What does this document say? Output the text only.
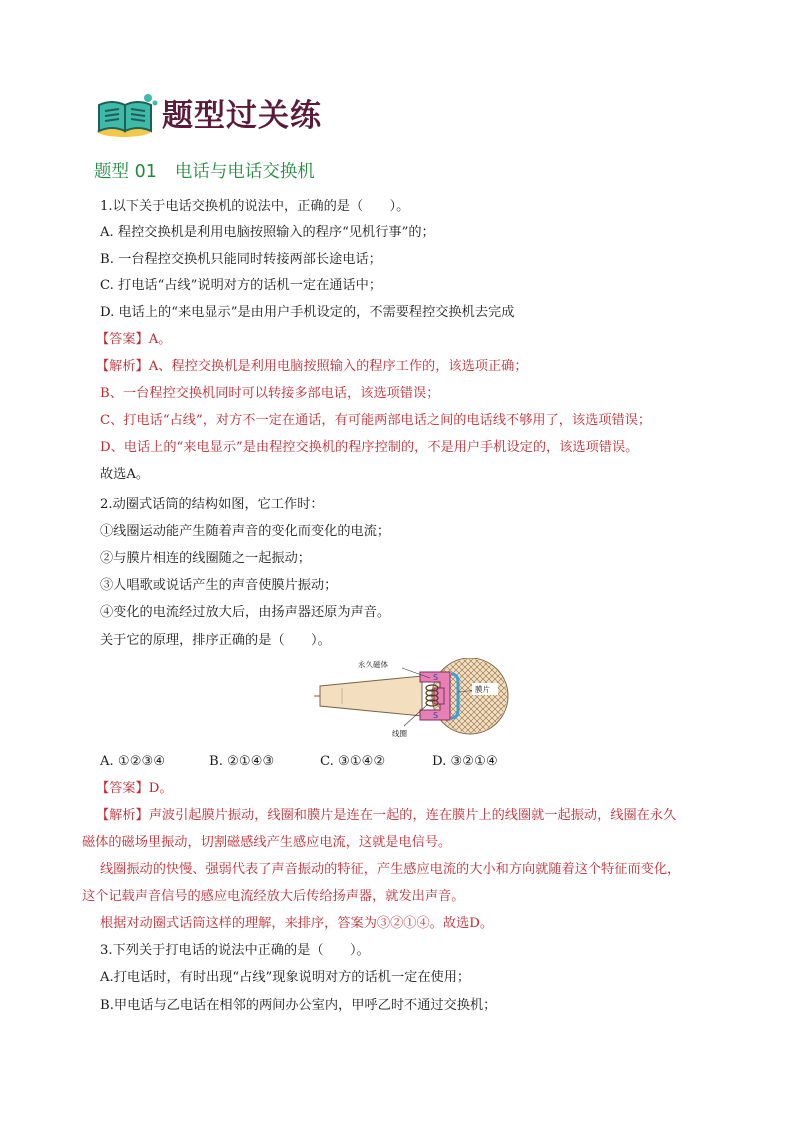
题型过关练
题型 01 电话与电话交换机
1.以下关于电话交换机的说法中，正确的是（　　）。
A. 程控交换机是利用电脑按照输入的程序“见机行事”的；
B. 一台程控交换机只能同时转接两部长途电话；
C. 打电话“占线”说明对方的话机一定在通话中；
D. 电话上的“来电显示”是由用户手机设定的，不需要程控交换机去完成
【答案】A。
【解析】A、程控交换机是利用电脑按照输入的程序工作的，该选项正确；
B、一台程控交换机同时可以转接多部电话，该选项错误；
C、打电话“占线”，对方不一定在通话，有可能两部电话之间的电话线不够用了，该选项错误；
D、电话上的“来电显示”是由程控交换机的程序控制的，不是用户手机设定的，该选项错误。
故选A。
2.动圈式话筒的结构如图，它工作时：
①线圈运动能产生随着声音的变化而变化的电流；
②与膜片相连的线圈随之一起振动；
③人唱歌或说话产生的声音使膜片振动；
④变化的电流经过放大后，由扬声器还原为声音。
关于它的原理，排序正确的是（　　）。
S
S
永久磁体
膜片
线圈
A. ①②③④	B. ②①④③	C. ③①④②	D. ③②①④
【答案】D。
【解析】声波引起膜片振动，线圈和膜片是连在一起的，连在膜片上的线圈就一起振动，线圈在永久
磁体的磁场里振动，切割磁感线产生感应电流，这就是电信号。
线圈振动的快慢、强弱代表了声音振动的特征，产生感应电流的大小和方向就随着这个特征而变化，
这个记载声音信号的感应电流经放大后传给扬声器，就发出声音。
根据对动圈式话筒这样的理解，来排序，答案为③②①④。故选D。
3.下列关于打电话的说法中正确的是（　　）。
A.打电话时，有时出现“占线”现象说明对方的话机一定在使用；
B.甲电话与乙电话在相邻的两间办公室内，甲呼乙时不通过交换机；
